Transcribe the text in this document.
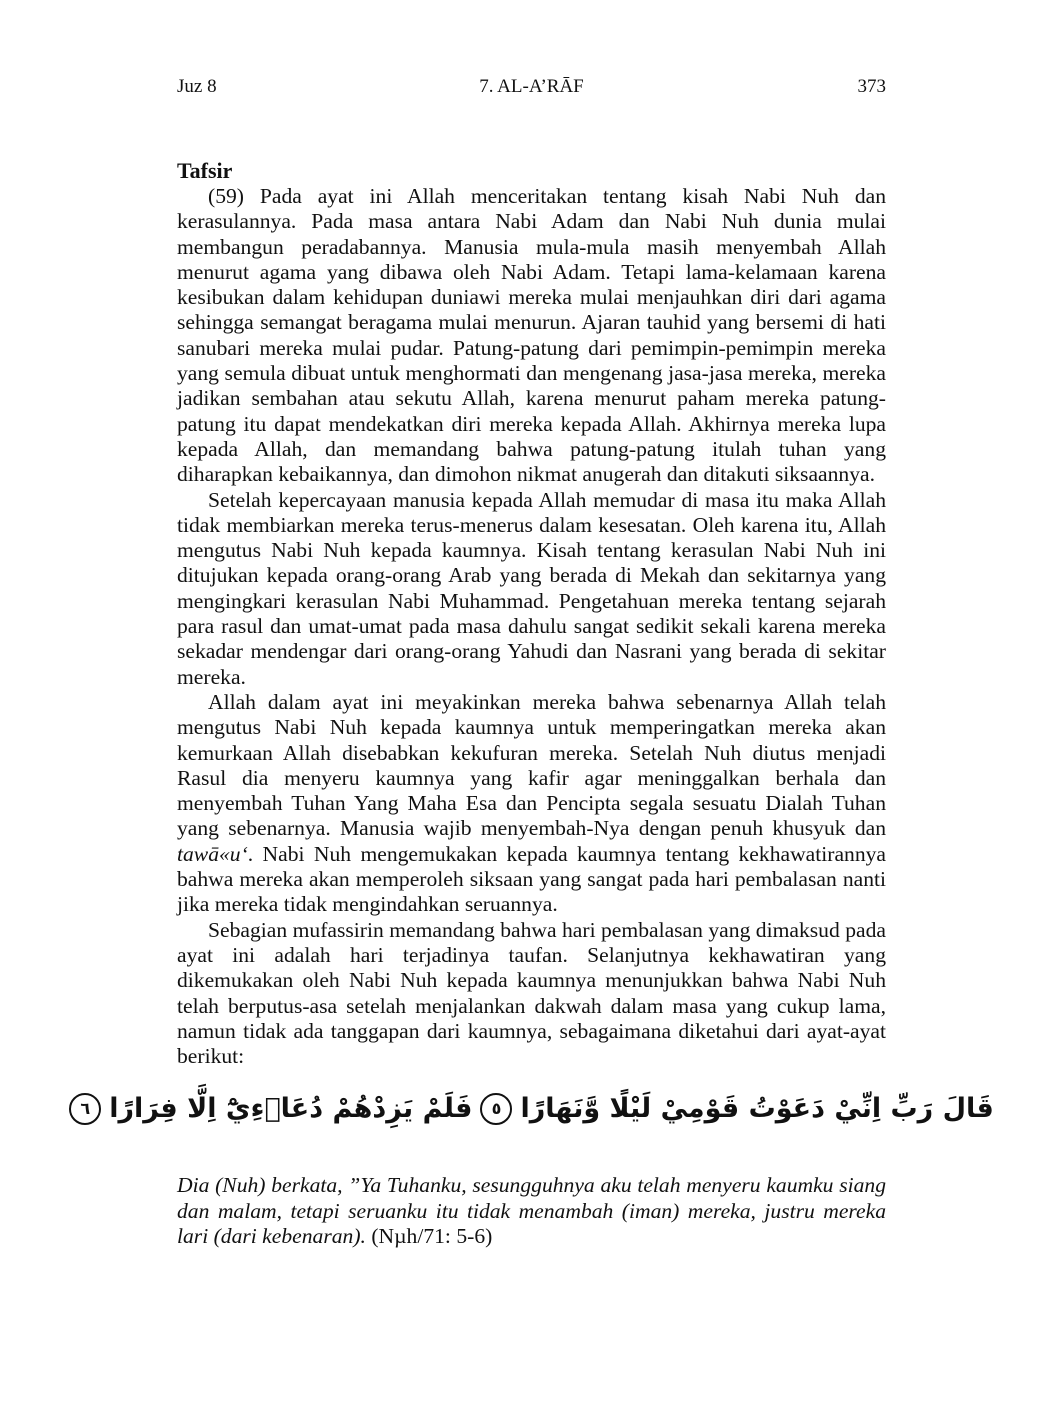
Juz 8	7. AL-A’RĀF	373
Tafsir

(59) Pada ayat ini Allah menceritakan tentang kisah Nabi Nuh dan kerasulannya. Pada masa antara Nabi Adam dan Nabi Nuh dunia mulai membangun peradabannya. Manusia mula-mula masih menyembah Allah menurut agama yang dibawa oleh Nabi Adam. Tetapi lama-kelamaan karena kesibukan dalam kehidupan duniawi mereka mulai menjauhkan diri dari agama sehingga semangat beragama mulai menurun. Ajaran tauhid yang bersemi di hati sanubari mereka mulai pudar. Patung-patung dari pemimpin-pemimpin mereka yang semula dibuat untuk menghormati dan mengenang jasa-jasa mereka, mereka jadikan sembahan atau sekutu Allah, karena menurut paham mereka patung-patung itu dapat mendekatkan diri mereka kepada Allah. Akhirnya mereka lupa kepada Allah, dan memandang bahwa patung-patung itulah tuhan yang diharapkan kebaikannya, dan dimohon nikmat anugerah dan ditakuti siksaannya.

Setelah kepercayaan manusia kepada Allah memudar di masa itu maka Allah tidak membiarkan mereka terus-menerus dalam kesesatan. Oleh karena itu, Allah mengutus Nabi Nuh kepada kaumnya. Kisah tentang kerasulan Nabi Nuh ini ditujukan kepada orang-orang Arab yang berada di Mekah dan sekitarnya yang mengingkari kerasulan Nabi Muhammad. Pengetahuan mereka tentang sejarah para rasul dan umat-umat pada masa dahulu sangat sedikit sekali karena mereka sekadar mendengar dari orang-orang Yahudi dan Nasrani yang berada di sekitar mereka.

Allah dalam ayat ini meyakinkan mereka bahwa sebenarnya Allah telah mengutus Nabi Nuh kepada kaumnya untuk memperingatkan mereka akan kemurkaan Allah disebabkan kekufuran mereka. Setelah Nuh diutus menjadi Rasul dia menyeru kaumnya yang kafir agar meninggalkan berhala dan menyembah Tuhan Yang Maha Esa dan Pencipta segala sesuatu Dialah Tuhan yang sebenarnya. Manusia wajib menyembah-Nya dengan penuh khusyuk dan tawā«u‘. Nabi Nuh mengemukakan kepada kaumnya tentang kekhawatirannya bahwa mereka akan memperoleh siksaan yang sangat pada hari pembalasan nanti jika mereka tidak mengindahkan seruannya.

Sebagian mufassirin memandang bahwa hari pembalasan yang dimaksud pada ayat ini adalah hari terjadinya taufan. Selanjutnya kekhawatiran yang dikemukakan oleh Nabi Nuh kepada kaumnya menunjukkan bahwa Nabi Nuh telah berputus-asa setelah menjalankan dakwah dalam masa yang cukup lama, namun tidak ada tanggapan dari kaumnya, sebagaimana diketahui dari ayat-ayat berikut:

قَالَ رَبِّ اِنِّيْ دَعَوْتُ قَوْمِيْ لَيْلًا وَّنَهَارًا
٥
فَلَمْ يَزِدْهُمْ دُعَاۤءِيْٓ اِلَّا فِرَارًا
٦

Dia (Nuh) berkata, ”Ya Tuhanku, sesungguhnya aku telah menyeru kaumku siang dan malam, tetapi seruanku itu tidak menambah (iman) mereka, justru mereka lari (dari kebenaran). (Nµh/71: 5-6)
